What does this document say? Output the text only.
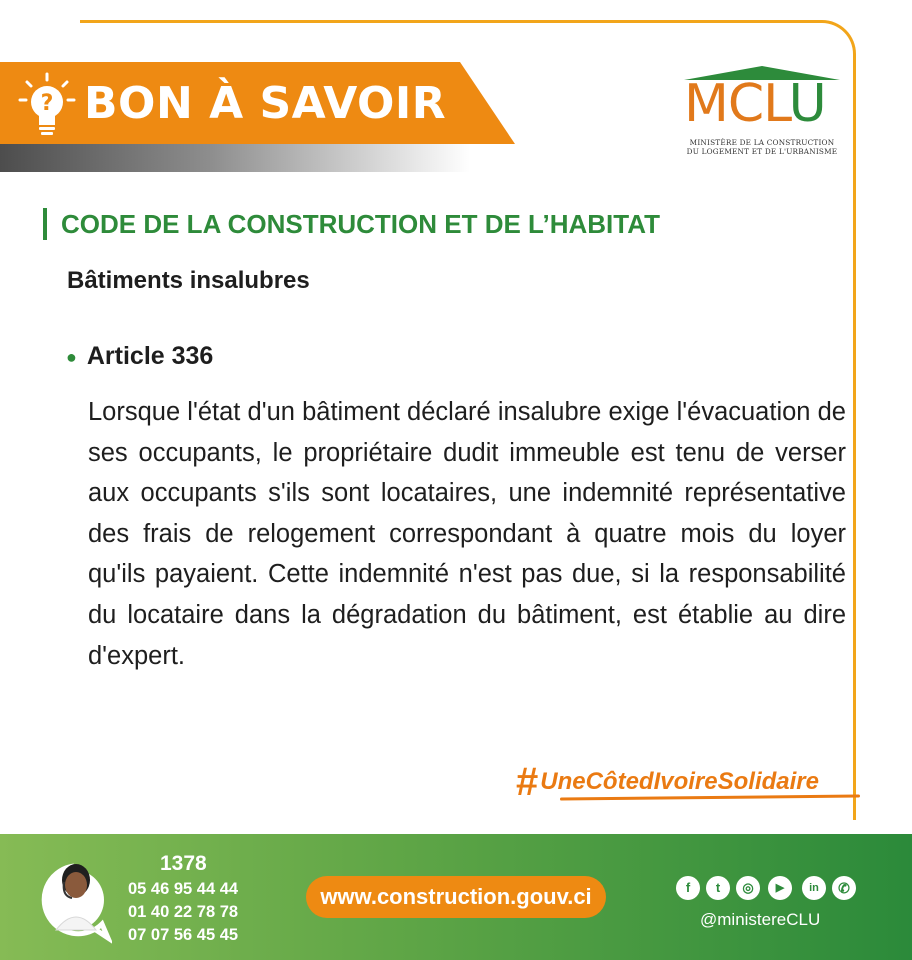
? BON À SAVOIR	MCLU
MINISTÈRE DE LA CONSTRUCTION
DU LOGEMENT ET DE L'URBANISME
CODE DE LA CONSTRUCTION ET DE L’HABITAT
Bâtiments insalubres
● Article 336
Lorsque l'état d'un bâtiment déclaré insalubre exige l'évacuation de ses occupants, le propriétaire dudit immeuble est tenu de verser aux occupants s'ils sont locataires, une indemnité représentative des frais de relogement correspondant à quatre mois du loyer qu'ils payaient. Cette indemnité n'est pas due, si la responsabilité du locataire dans la dégradation du bâtiment, est établie au dire d'expert.
#UneCôtedIvoireSolidaire
1378
05 46 95 44 44
01 40 22 78 78
07 07 56 45 45
www.construction.gouv.ci	f	t	◎	▶	in	✆
@ministereCLU
